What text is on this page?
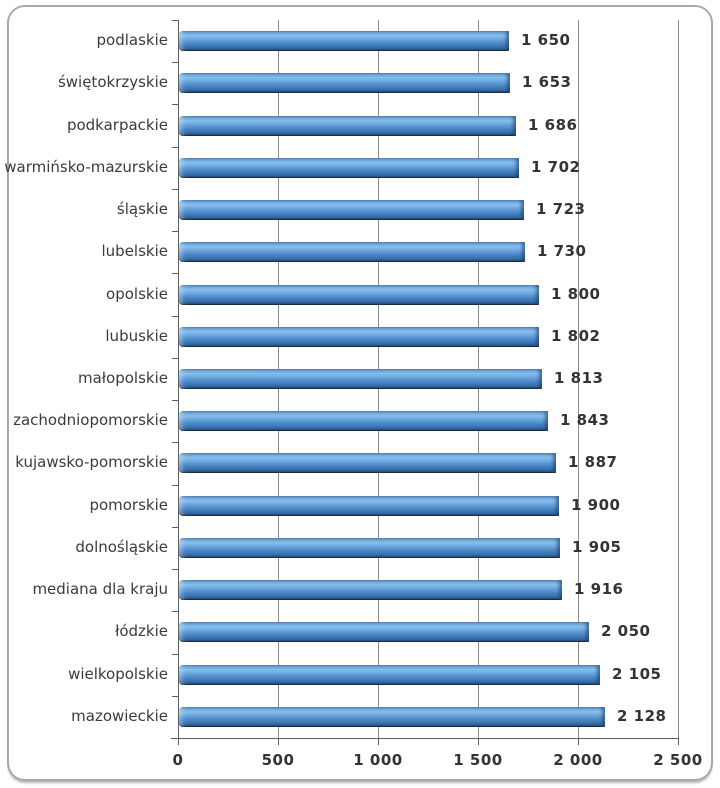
0	500	1 000	1 500	2 000	2 500
podlaskie	1 650
świętokrzyskie	1 653
podkarpackie	1 686
warmińsko-mazurskie	1 702
śląskie	1 723
lubelskie	1 730
opolskie	1 800
lubuskie	1 802
małopolskie	1 813
zachodniopomorskie	1 843
kujawsko-pomorskie	1 887
pomorskie	1 900
dolnośląskie	1 905
mediana dla kraju	1 916
łódzkie	2 050
wielkopolskie	2 105
mazowieckie	2 128
